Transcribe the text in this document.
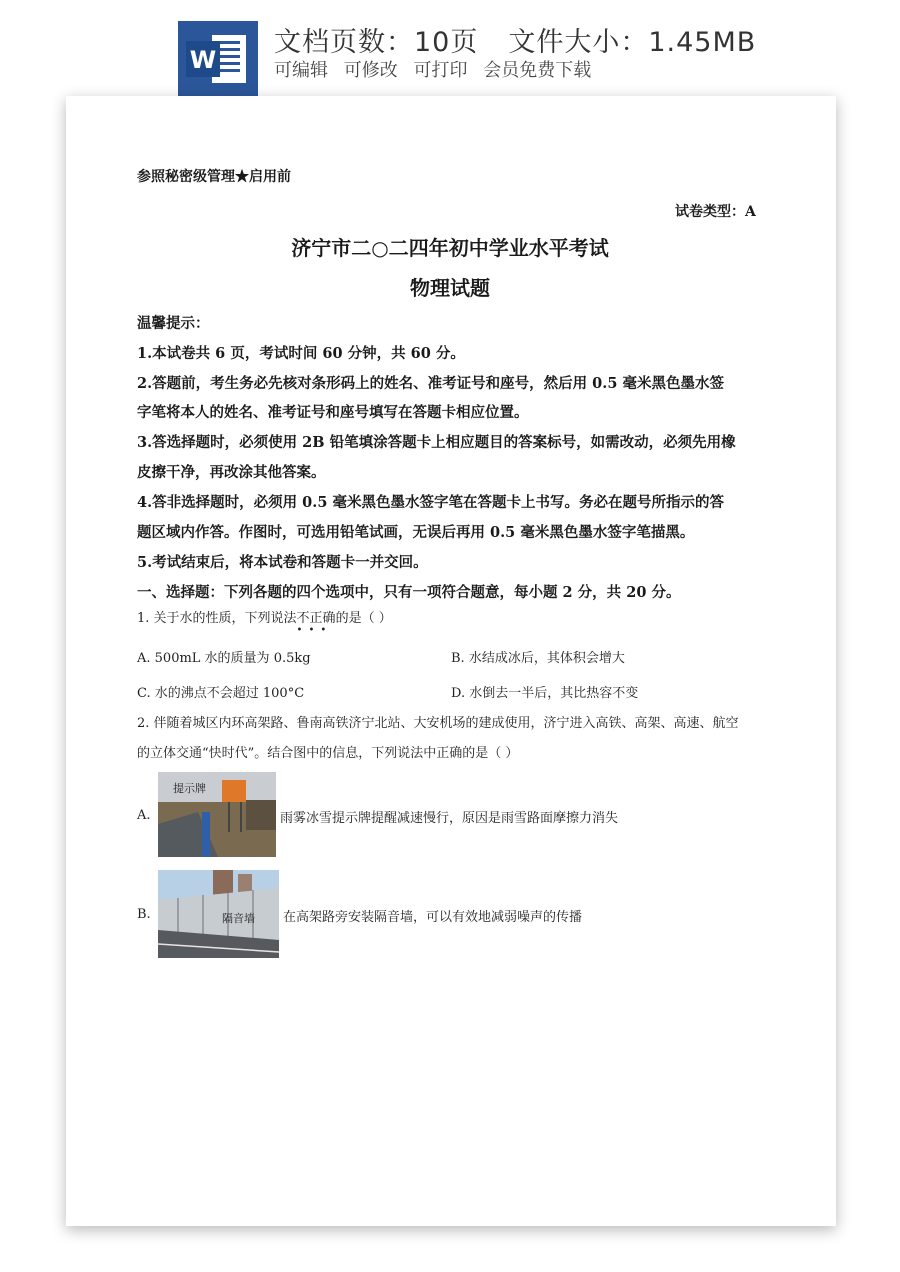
W
文档页数：10页 文件大小：1.45MB
可编辑 可修改 可打印 会员免费下载
参照秘密级管理★启用前
试卷类型：A
济宁市二○二四年初中学业水平考试
物理试题
温馨提示：
1.本试卷共 6 页，考试时间 60 分钟，共 60 分。
2.答题前，考生务必先核对条形码上的姓名、准考证号和座号，然后用 0.5 毫米黑色墨水签
字笔将本人的姓名、准考证号和座号填写在答题卡相应位置。
3.答选择题时，必须使用 2B 铅笔填涂答题卡上相应题目的答案标号，如需改动，必须先用橡
皮擦干净，再改涂其他答案。
4.答非选择题时，必须用 0.5 毫米黑色墨水签字笔在答题卡上书写。务必在题号所指示的答
题区域内作答。作图时，可选用铅笔试画，无误后再用 0.5 毫米黑色墨水签字笔描黑。
5.考试结束后，将本试卷和答题卡一并交回。
一、选择题：下列各题的四个选项中，只有一项符合题意，每小题 2 分，共 20 分。
1. 关于水的性质，下列说法不正确
•••
的是（ ）
A. 500mL 水的质量为 0.5kg	B. 水结成冰后，其体积会增大
C. 水的沸点不会超过 100°C	D. 水倒去一半后，其比热容不变
2. 伴随着城区内环高架路、鲁南高铁济宁北站、大安机场的建成使用，济宁进入高铁、高架、高速、航空
的立体交通“快时代”。结合图中的信息，下列说法中正确的是（ ）
A.
提示牌
雨雾冰雪提示牌提醒减速慢行，原因是雨雪路面摩擦力消失
B.	隔音墙 在高架路旁安装隔音墙，可以有效地减弱噪声的传播
